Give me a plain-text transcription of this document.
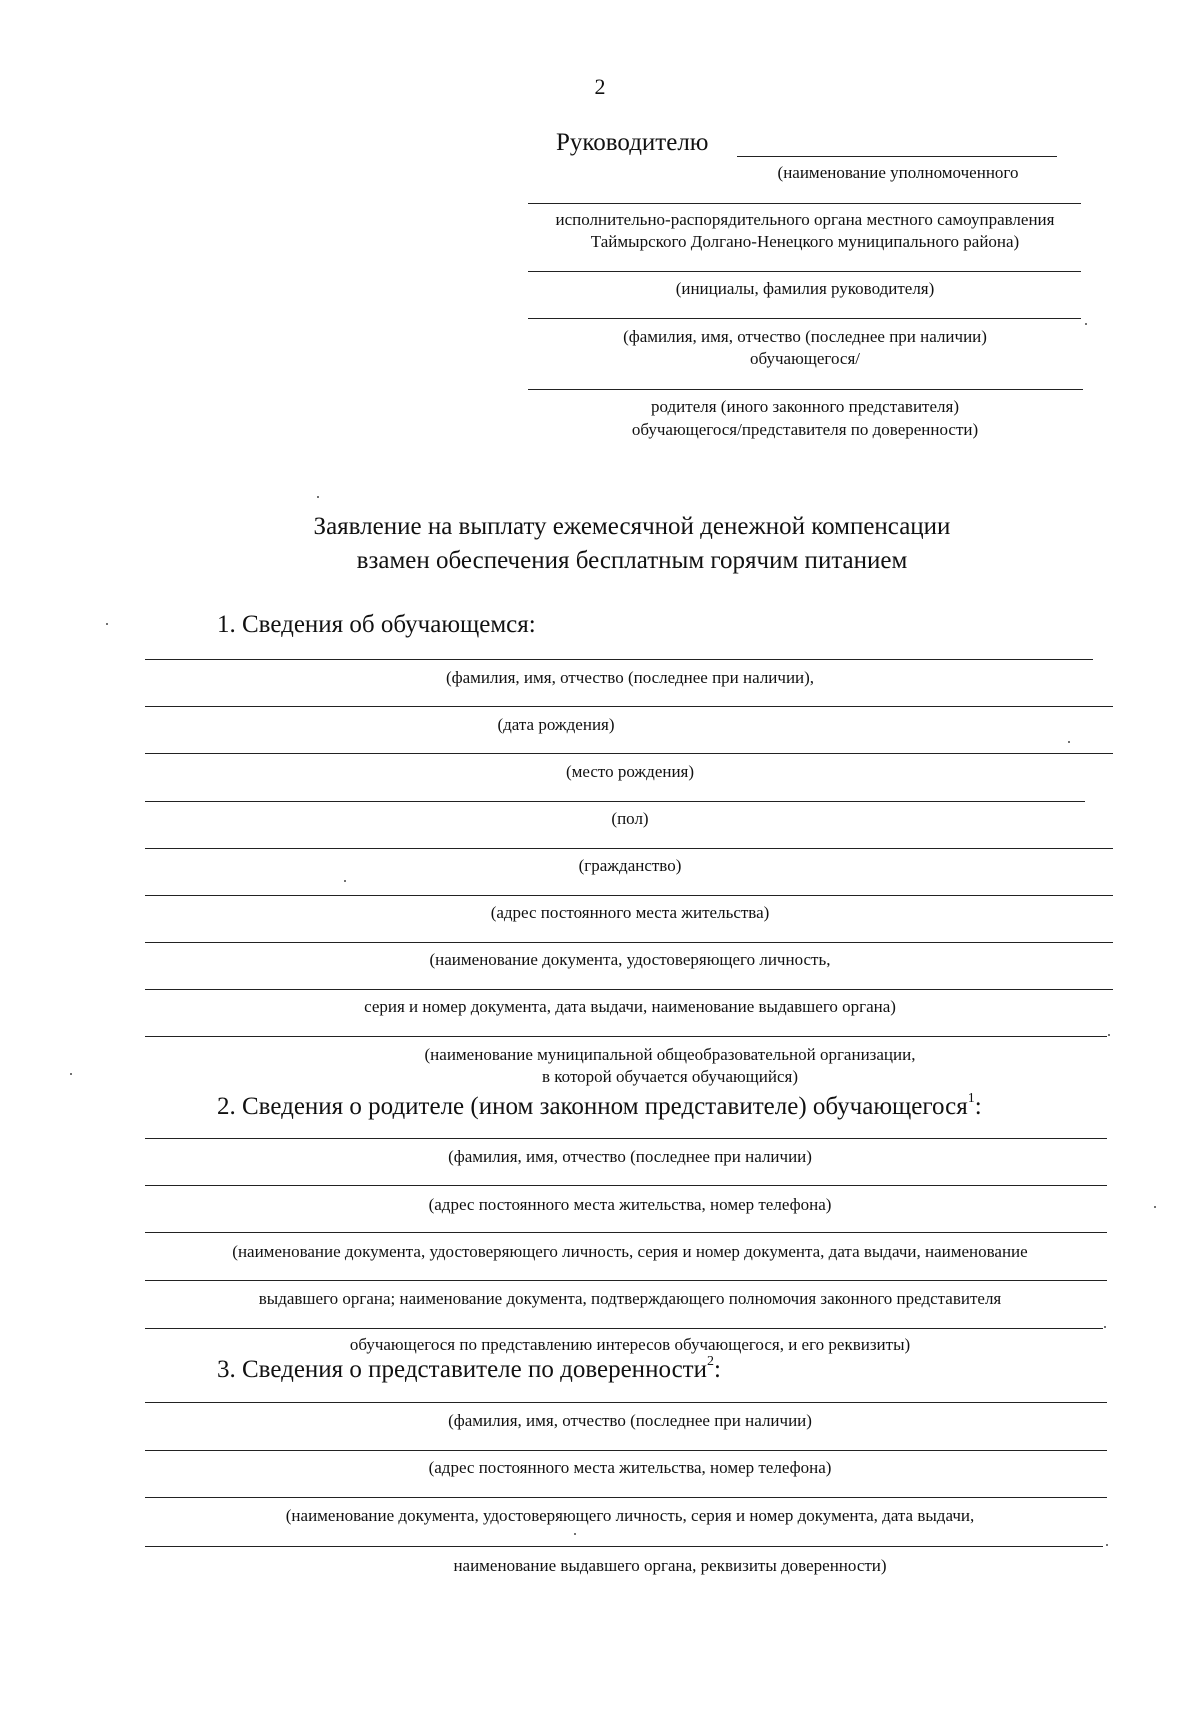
2
Руководителю
(наименование уполномоченного
исполнительно-распорядительного органа местного самоуправления
Таймырского Долгано-Ненецкого муниципального района)
(инициалы, фамилия руководителя)
(фамилия, имя, отчество (последнее при наличии)
обучающегося/
родителя (иного законного представителя)
обучающегося/представителя по доверенности)
Заявление на выплату ежемесячной денежной компенсации
взамен обеспечения бесплатным горячим питанием
1. Сведения об обучающемся:
(фамилия, имя, отчество (последнее при наличии),
(дата рождения)
(место рождения)
(пол)
(гражданство)
(адрес постоянного места жительства)
(наименование документа, удостоверяющего личность,
серия и номер документа, дата выдачи, наименование выдавшего органа)
(наименование муниципальной общеобразовательной организации,
в которой обучается обучающийся)
2. Сведения о родителе (ином законном представителе) обучающегося$^1$:
(фамилия, имя, отчество (последнее при наличии)
(адрес постоянного места жительства, номер телефона)
(наименование документа, удостоверяющего личность, серия и номер документа, дата выдачи, наименование
выдавшего органа; наименование документа, подтверждающего полномочия законного представителя
обучающегося по представлению интересов обучающегося, и его реквизиты)
3. Сведения о представителе по доверенности$^2$:
(фамилия, имя, отчество (последнее при наличии)
(адрес постоянного места жительства, номер телефона)
(наименование документа, удостоверяющего личность, серия и номер документа, дата выдачи,
наименование выдавшего органа, реквизиты доверенности)
